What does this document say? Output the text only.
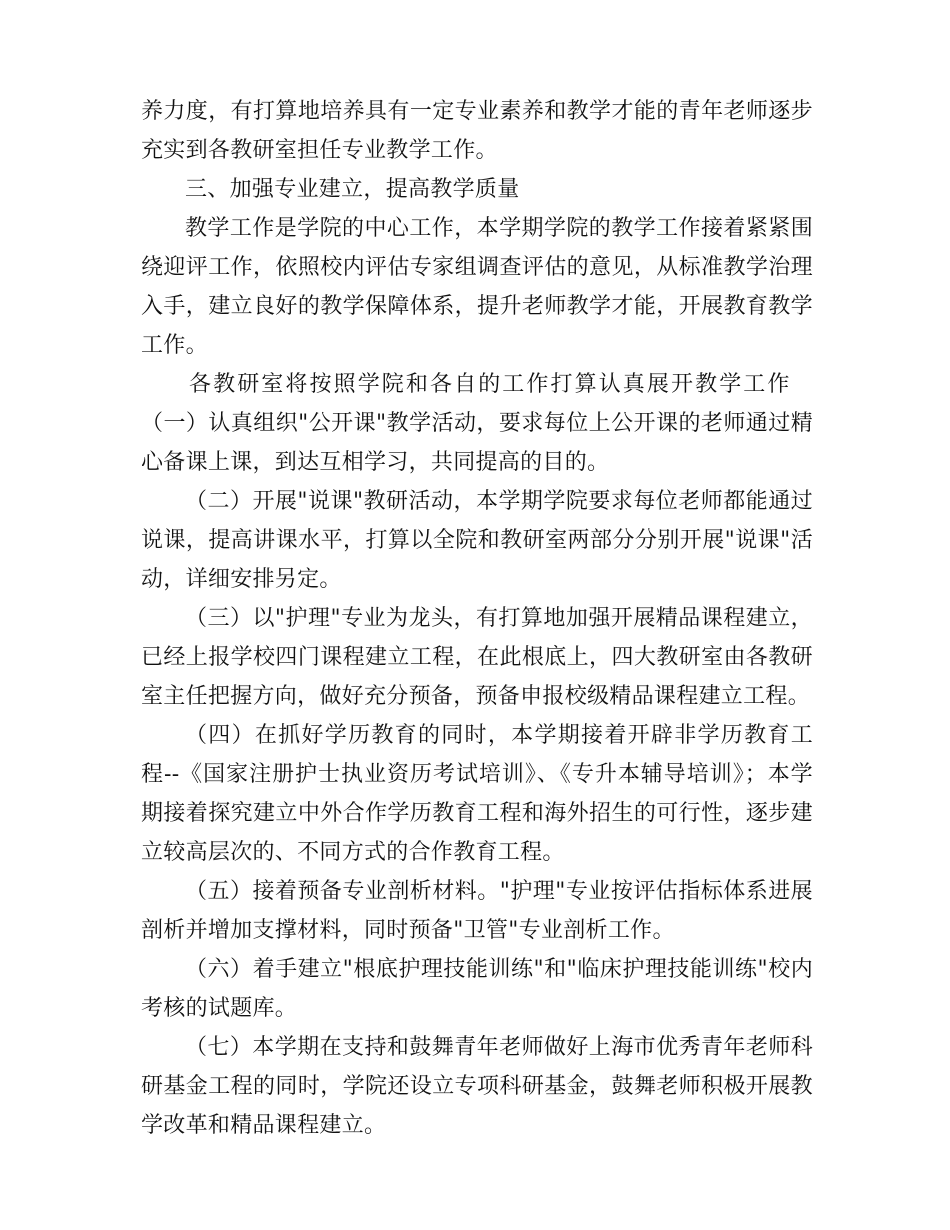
养力度，有打算地培养具有一定专业素养和教学才能的青年老师逐步充实到各教研室担任专业教学工作。

三、加强专业建立，提高教学质量

教学工作是学院的中心工作，本学期学院的教学工作接着紧紧围绕迎评工作，依照校内评估专家组调查评估的意见，从标准教学治理入手，建立良好的教学保障体系，提升老师教学才能，开展教育教学工作。

各教研室将按照学院和各自的工作打算认真展开教学工作

（一）认真组织"公开课"教学活动，要求每位上公开课的老师通过精心备课上课，到达互相学习，共同提高的目的。

（二）开展"说课"教研活动，本学期学院要求每位老师都能通过说课，提高讲课水平，打算以全院和教研室两部分分别开展"说课"活动，详细安排另定。

（三）以"护理"专业为龙头，有打算地加强开展精品课程建立，已经上报学校四门课程建立工程，在此根底上，四大教研室由各教研室主任把握方向，做好充分预备，预备申报校级精品课程建立工程。

（四）在抓好学历教育的同时，本学期接着开辟非学历教育工程--《国家注册护士执业资历考试培训》、《专升本辅导培训》；本学期接着探究建立中外合作学历教育工程和海外招生的可行性，逐步建立较高层次的、不同方式的合作教育工程。

（五）接着预备专业剖析材料。"护理"专业按评估指标体系进展剖析并增加支撑材料，同时预备"卫管"专业剖析工作。

（六）着手建立"根底护理技能训练"和"临床护理技能训练"校内考核的试题库。

（七）本学期在支持和鼓舞青年老师做好上海市优秀青年老师科研基金工程的同时，学院还设立专项科研基金，鼓舞老师积极开展教学改革和精品课程建立。
